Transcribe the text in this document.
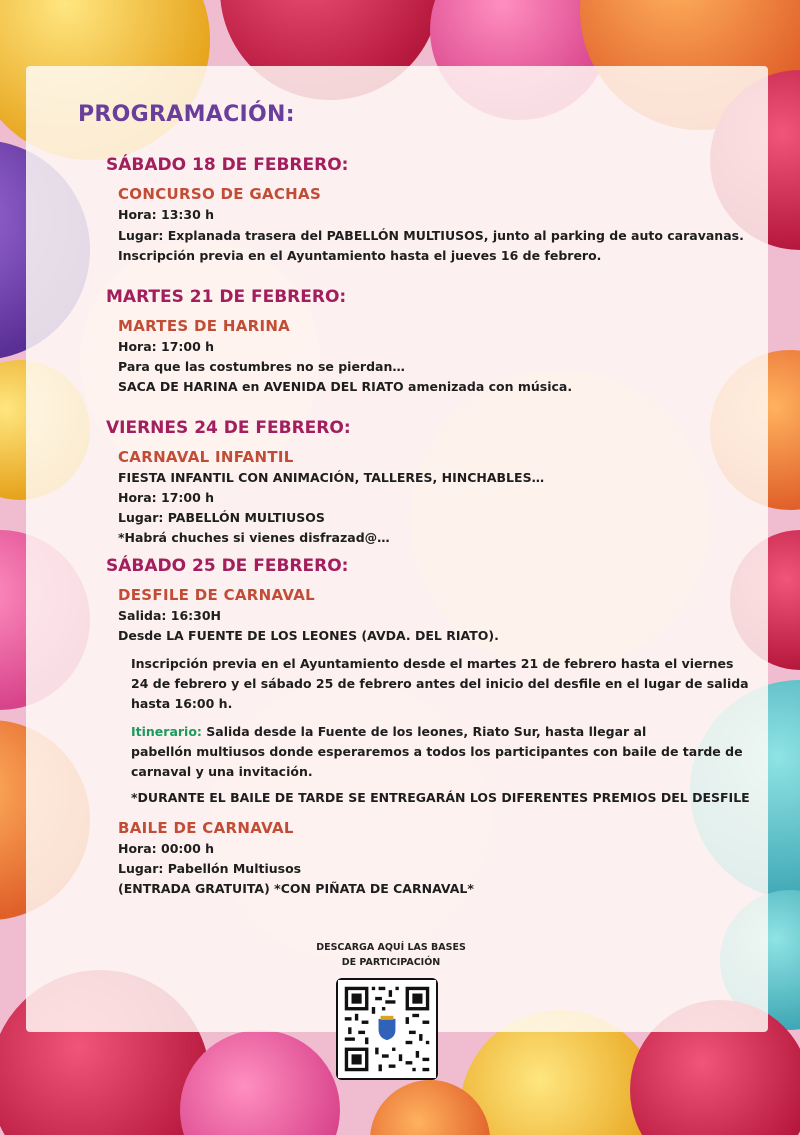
PROGRAMACIÓN:
SÁBADO 18 DE FEBRERO:
CONCURSO DE GACHAS
Hora: 13:30 h
Lugar: Explanada trasera del PABELLÓN MULTIUSOS, junto al parking de auto caravanas.
Inscripción previa en el Ayuntamiento hasta el jueves 16 de febrero.
MARTES 21 DE FEBRERO:
MARTES DE HARINA
Hora: 17:00 h
Para que las costumbres no se pierdan…
SACA DE HARINA en AVENIDA DEL RIATO amenizada con música.
VIERNES 24 DE FEBRERO:
CARNAVAL INFANTIL
FIESTA INFANTIL CON ANIMACIÓN, TALLERES, HINCHABLES…
Hora: 17:00 h
Lugar: PABELLÓN MULTIUSOS
*Habrá chuches si vienes disfrazad@…
SÁBADO 25 DE FEBRERO:
DESFILE DE CARNAVAL
Salida: 16:30H
Desde LA FUENTE DE LOS LEONES (AVDA. DEL RIATO).
Inscripción previa en el Ayuntamiento desde el martes 21 de febrero hasta el viernes
24 de febrero y el sábado 25 de febrero antes del inicio del desfile en el lugar de salida
hasta 16:00 h.
Itinerario: Salida desde la Fuente de los leones, Riato Sur, hasta llegar al
pabellón multiusos donde esperaremos a todos los participantes con baile de tarde de
carnaval y una invitación.
*DURANTE EL BAILE DE TARDE SE ENTREGARÁN LOS DIFERENTES PREMIOS DEL DESFILE
BAILE DE CARNAVAL
Hora: 00:00 h
Lugar: Pabellón Multiusos
(ENTRADA GRATUITA) *CON PIÑATA DE CARNAVAL*
DESCARGA AQUÍ LAS BASES
DE PARTICIPACIÓN
